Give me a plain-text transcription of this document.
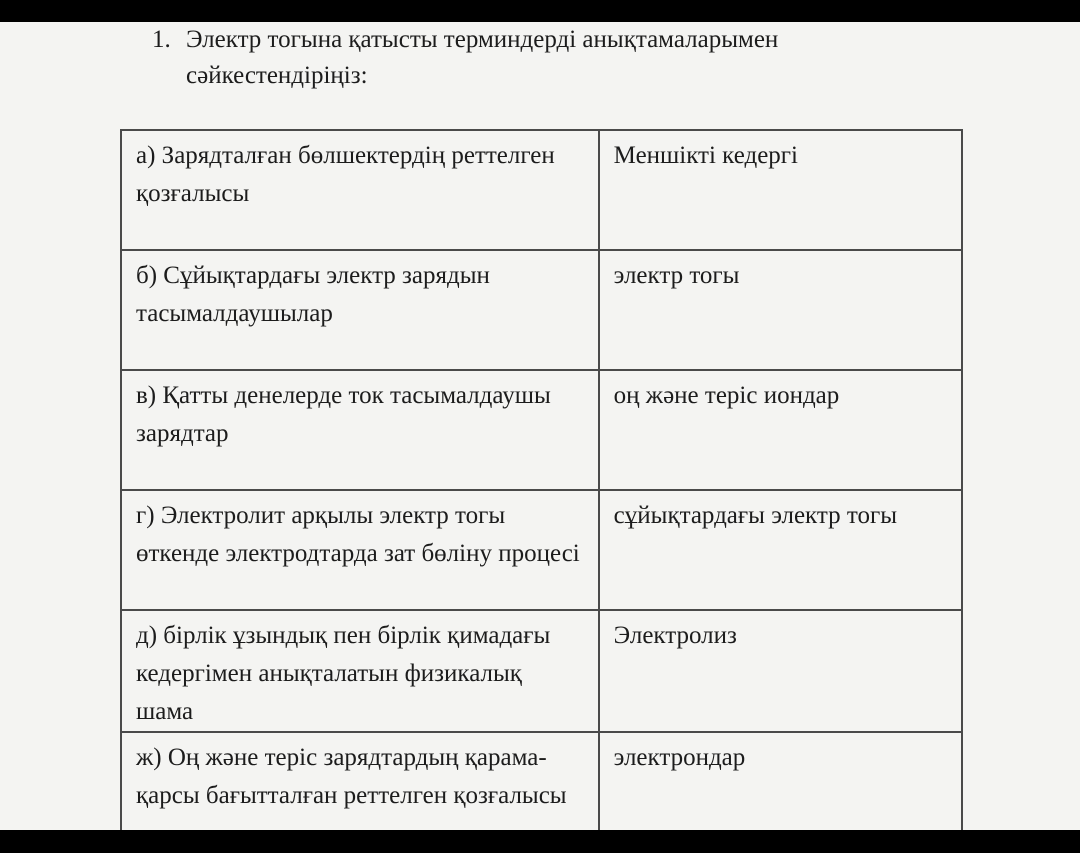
1. Электр тогына қатысты терминдерді анықтамаларымен
сәйкестендіріңіз:
а) Зарядталған бөлшектердің реттелген қозғалысы	Меншікті кедергі
б) Сұйықтардағы электр зарядын тасымалдаушылар	электр тогы
в) Қатты денелерде ток тасымалдаушы зарядтар	оң және теріс иондар
г) Электролит арқылы электр тогы өткенде электродтарда зат бөліну процесі	сұйықтардағы электр тогы
д) бірлік ұзындық пен бірлік қимадағы кедергімен анықталатын физикалық шама	Электролиз
ж) Оң және теріс зарядтардың қарама-қарсы бағытталған реттелген қозғалысы	электрондар
